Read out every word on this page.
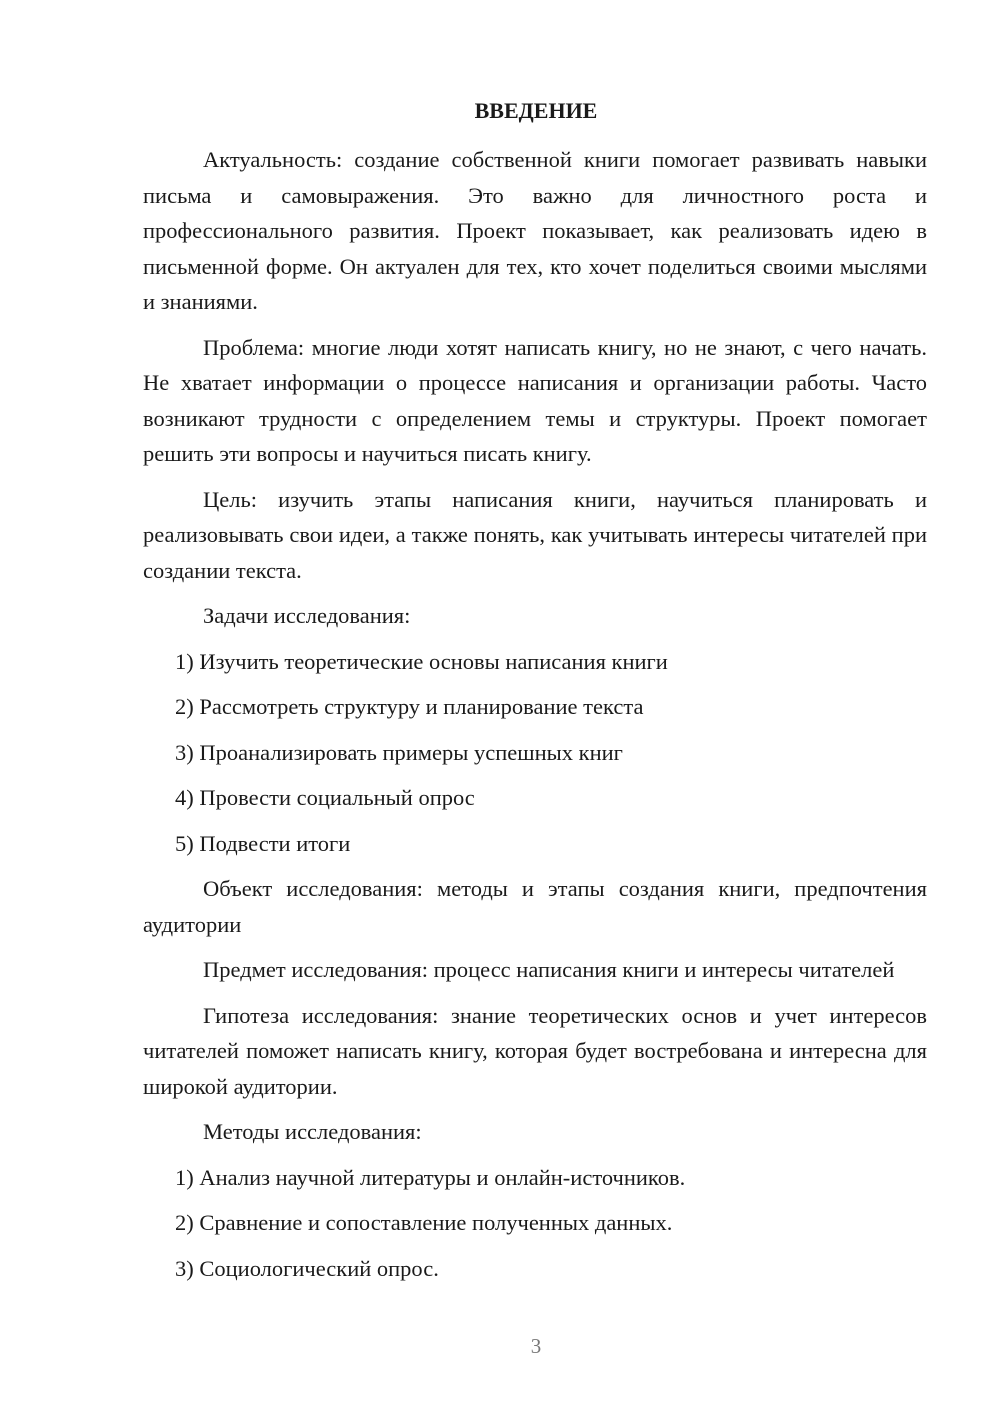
ВВЕДЕНИЕ

Актуальность: создание собственной книги помогает развивать навыки письма и самовыражения. Это важно для личностного роста и профессионального развития. Проект показывает, как реализовать идею в письменной форме. Он актуален для тех, кто хочет поделиться своими мыслями и знаниями.

Проблема: многие люди хотят написать книгу, но не знают, с чего начать. Не хватает информации о процессе написания и организации работы. Часто возникают трудности с определением темы и структуры. Проект помогает решить эти вопросы и научиться писать книгу.

Цель: изучить этапы написания книги, научиться планировать и реализовывать свои идеи, а также понять, как учитывать интересы читателей при создании текста.

Задачи исследования:

1) Изучить теоретические основы написания книги

2) Рассмотреть структуру и планирование текста

3) Проанализировать примеры успешных книг

4) Провести социальный опрос

5) Подвести итоги

Объект исследования: методы и этапы создания книги, предпочтения аудитории

Предмет исследования: процесс написания книги и интересы читателей

Гипотеза исследования: знание теоретических основ и учет интересов читателей поможет написать книгу, которая будет востребована и интересна для широкой аудитории.

Методы исследования:

1) Анализ научной литературы и онлайн-источников.

2) Сравнение и сопоставление полученных данных.

3) Социологический опрос.

3
